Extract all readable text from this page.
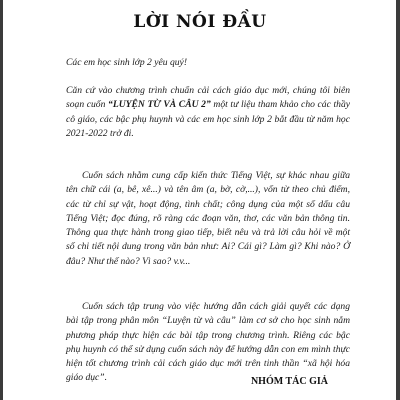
LỜI NÓI ĐẦU

Các em học sinh lớp 2 yêu quý!

Căn cứ vào chương trình chuẩn cải cách giáo dục mới, chúng tôi biên soạn cuốn “LUYỆN TỪ VÀ CÂU 2” một tư liệu tham khảo cho các thầy cô giáo, các bậc phụ huynh và các em học sinh lớp 2 bắt đầu từ năm học 2021-2022 trở đi.

Cuốn sách nhằm cung cấp kiến thức Tiếng Việt, sự khác nhau giữa tên chữ cái (a, bê, xê...) và tên âm (a, bờ, cờ,...), vốn từ theo chủ điểm, các từ chỉ sự vật, hoạt động, tình chất; công dụng của một số dấu câu Tiếng Việt; đọc đúng, rõ ràng các đoạn văn, thơ, các văn bản thông tin. Thông qua thực hành trong giao tiếp, biết nêu và trả lời câu hỏi về một số chi tiết nội dung trong văn bản như: Ai? Cái gì? Làm gì? Khi nào? Ở đâu? Như thế nào? Vì sao? v.v...

Cuốn sách tập trung vào việc hướng dẫn cách giải quyết các dạng bài tập trong phân môn “Luyện từ và câu” làm cơ sở cho học sinh nắm phương pháp thực hiện các bài tập trong chương trình. Riêng các bậc phụ huynh có thể sử dụng cuốn sách này để hướng dẫn con em mình thực hiện tốt chương trình cải cách giáo dục mới trên tinh thần “xã hội hóa giáo dục”.	NHÓM TÁC GIẢ
